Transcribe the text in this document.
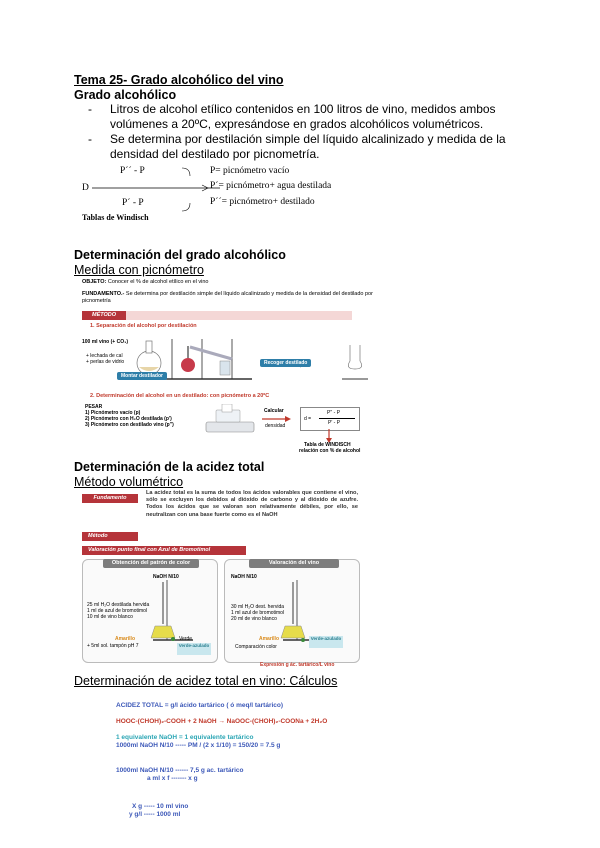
Tema 25- Grado alcohólico del vino
Grado alcohólico
- Litros de alcohol etílico contenidos en 100 litros de vino, medidos ambos volúmenes a 20ºC, expresándose en grados alcohólicos volumétricos.
- Se determina por destilación simple del líquido alcalinizado y medida de la densidad del destilado por picnometría.
D
P´´ - P
P´ - P
P= picnómetro vacío
P´= picnómetro+ agua destilada
P´´= picnómetro+ destilado
Tablas de Windisch
Determinación del grado alcohólico
Medida con picnómetro
OBJETO: Conocer el % de alcohol etílico en el vino
FUNDAMENTO.- Se determina por destilación simple del líquido alcalinizado y medida de la densidad del destilado por picnometría
MÉTODO
1. Separación del alcohol por destilación
100 ml vino (+ CO₃)
+ lechada de cal
+ perlas de vidrio
Montar destilador
Recoger destilado
2. Determinación del alcohol en un destilado: con picnómetro a 20ºC
PESAR
1) Picnómetro vacío (p)
2) Picnómetro con H₂O destilada (p')
3) Picnómetro con destilado vino (p'')
Calcular
densidad
d =
P'' - P
P' - P
Tabla de WINDISCH
relación con % de alcohol
Determinación de la acidez total
Método volumétrico
Fundamento
La acidez total es la suma de todos los ácidos valorables que contiene el vino, sólo se excluyen los debidos al dióxido de carbono y al dióxido de azufre. Todos los ácidos que se valoran son relativamente débiles, por ello, se neutralizan con una base fuerte como es el NaOH
Método
Valoración punto final con Azul de Bromotimol
Obtención del patrón de color
NaOH N/10
25 ml H₂O destilada hervida
1 ml de azul de bromotimol
10 ml de vino blanco
Amarillo
+ 5ml sol. tampón pH 7
Verde
Verde-azulado
Valoración del vino
NaOH N/10
30 ml H₂O dest. hervida
1 ml azul de bromotimol
20 ml de vino blanco
Amarillo
Comparación color
Verde-azulado
Expresión g ác. tartárico/L vino
Determinación de acidez total en vino: Cálculos
ACIDEZ TOTAL = g/l ácido tartárico ( ó meq/l tartárico)
HOOC-(CHOH)₂-COOH + 2 NaOH → NaOOC-(CHOH)₂-COONa + 2H₂O
1 equivalente NaOH = 1 equivalente tartárico
1000ml NaOH N/10 ----- PM / (2 x 1/10) = 150/20 = 7.5 g
1000ml NaOH N/10 ------ 7,5 g ac. tartárico
a ml x f ------- x g
X g ----- 10 ml vino
y g/l ----- 1000 ml
